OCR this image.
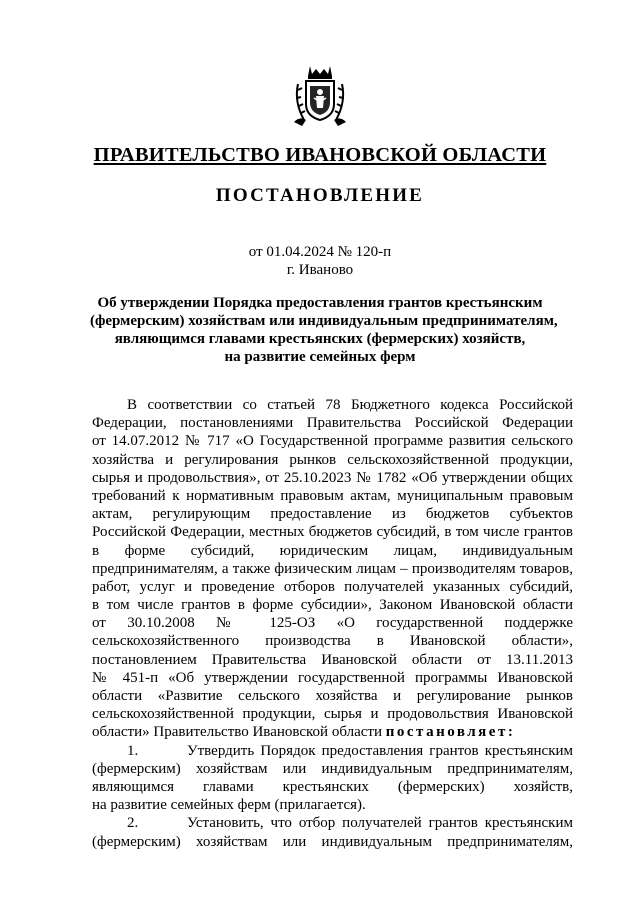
ПРАВИТЕЛЬСТВО ИВАНОВСКОЙ ОБЛАСТИ
ПОСТАНОВЛЕНИЕ
от 01.04.2024 № 120-п
г. Иваново
Об утверждении Порядка предоставления грантов крестьянским
(фермерским) хозяйствам или индивидуальным предпринимателям,
являющимся главами крестьянских (фермерских) хозяйств,
на развитие семейных ферм
В соответствии со статьей 78 Бюджетного кодекса Российской
Федерации, постановлениями Правительства Российской Федерации
от 14.07.2012 № 717 «О Государственной программе развития сельского
хозяйства и регулирования рынков сельскохозяйственной продукции,
сырья и продовольствия», от 25.10.2023 № 1782 «Об утверждении общих
требований к нормативным правовым актам, муниципальным правовым
актам, регулирующим предоставление из бюджетов субъектов
Российской Федерации, местных бюджетов субсидий, в том числе грантов
в форме субсидий, юридическим лицам, индивидуальным
предпринимателям, а также физическим лицам – производителям товаров,
работ, услуг и проведение отборов получателей указанных субсидий,
в том числе грантов в форме субсидии», Законом Ивановской области
от 30.10.2008 № 125-ОЗ «О государственной поддержке
сельскохозяйственного производства в Ивановской области»,
постановлением Правительства Ивановской области от 13.11.2013
№ 451-п «Об утверждении государственной программы Ивановской
области «Развитие сельского хозяйства и регулирование рынков
сельскохозяйственной продукции, сырья и продовольствия Ивановской
области» Правительство Ивановской области постановляет:
1.	Утвердить Порядок предоставления грантов крестьянским
(фермерским) хозяйствам или индивидуальным предпринимателям,
являющимся главами крестьянских (фермерских) хозяйств,
на развитие семейных ферм (прилагается).
2.	Установить, что отбор получателей грантов крестьянским
(фермерским) хозяйствам или индивидуальным предпринимателям,
